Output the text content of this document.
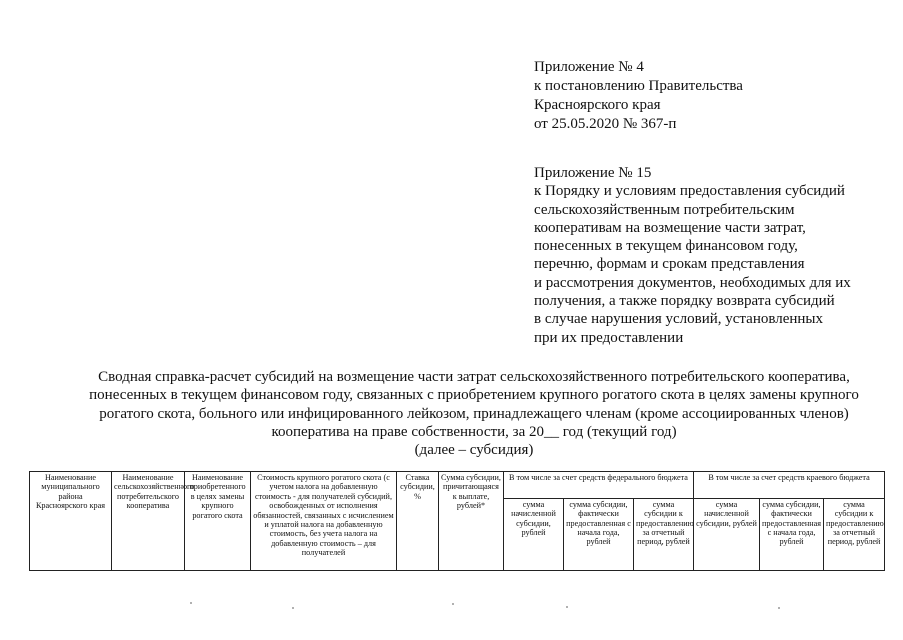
Приложение № 4
к постановлению Правительства
Красноярского края
от 25.05.2020 № 367-п
Приложение № 15
к Порядку и условиям предоставления субсидий
сельскохозяйственным потребительским
кооперативам на возмещение части затрат,
понесенных в текущем финансовом году,
перечню, формам и срокам представления
и рассмотрения документов, необходимых для их
получения, а также порядку возврата субсидий
в случае нарушения условий, установленных
при их предоставлении
Сводная справка-расчет субсидий на возмещение части затрат сельскохозяйственного потребительского кооператива,
понесенных в текущем финансовом году, связанных с приобретением крупного рогатого скота в целях замены крупного
рогатого скота, больного или инфицированного лейкозом, принадлежащего членам (кроме ассоциированных членов)
кооператива на праве собственности, за 20__ год (текущий год)
(далее – субсидия)
Наименование муниципального района Красноярского края	Наименование сельскохозяйственного потребительского кооператива	Наименование приобретенного в целях замены крупного рогатого скота	Стоимость крупного рогатого скота (с учетом налога на добавленную стоимость - для получателей субсидий, освобожденных от исполнения обязанностей, связанных с исчислением и уплатой налога на добавленную стоимость, без учета налога на добавленную стоимость – для получателей	Ставка субсидии, %	Сумма субсидии, причитающаяся к выплате, рублей*	В том числе за счет средств федерального бюджета			В том числе за счет средств краевого бюджета		
						сумма начисленной субсидии, рублей	сумма субсидии, фактически предоставленная с начала года, рублей	сумма субсидии к предоставлению за отчетный период, рублей	сумма начисленной субсидии, рублей	сумма субсидии, фактически предоставленная с начала года, рублей	сумма субсидии к предоставлению за отчетный период, рублей
